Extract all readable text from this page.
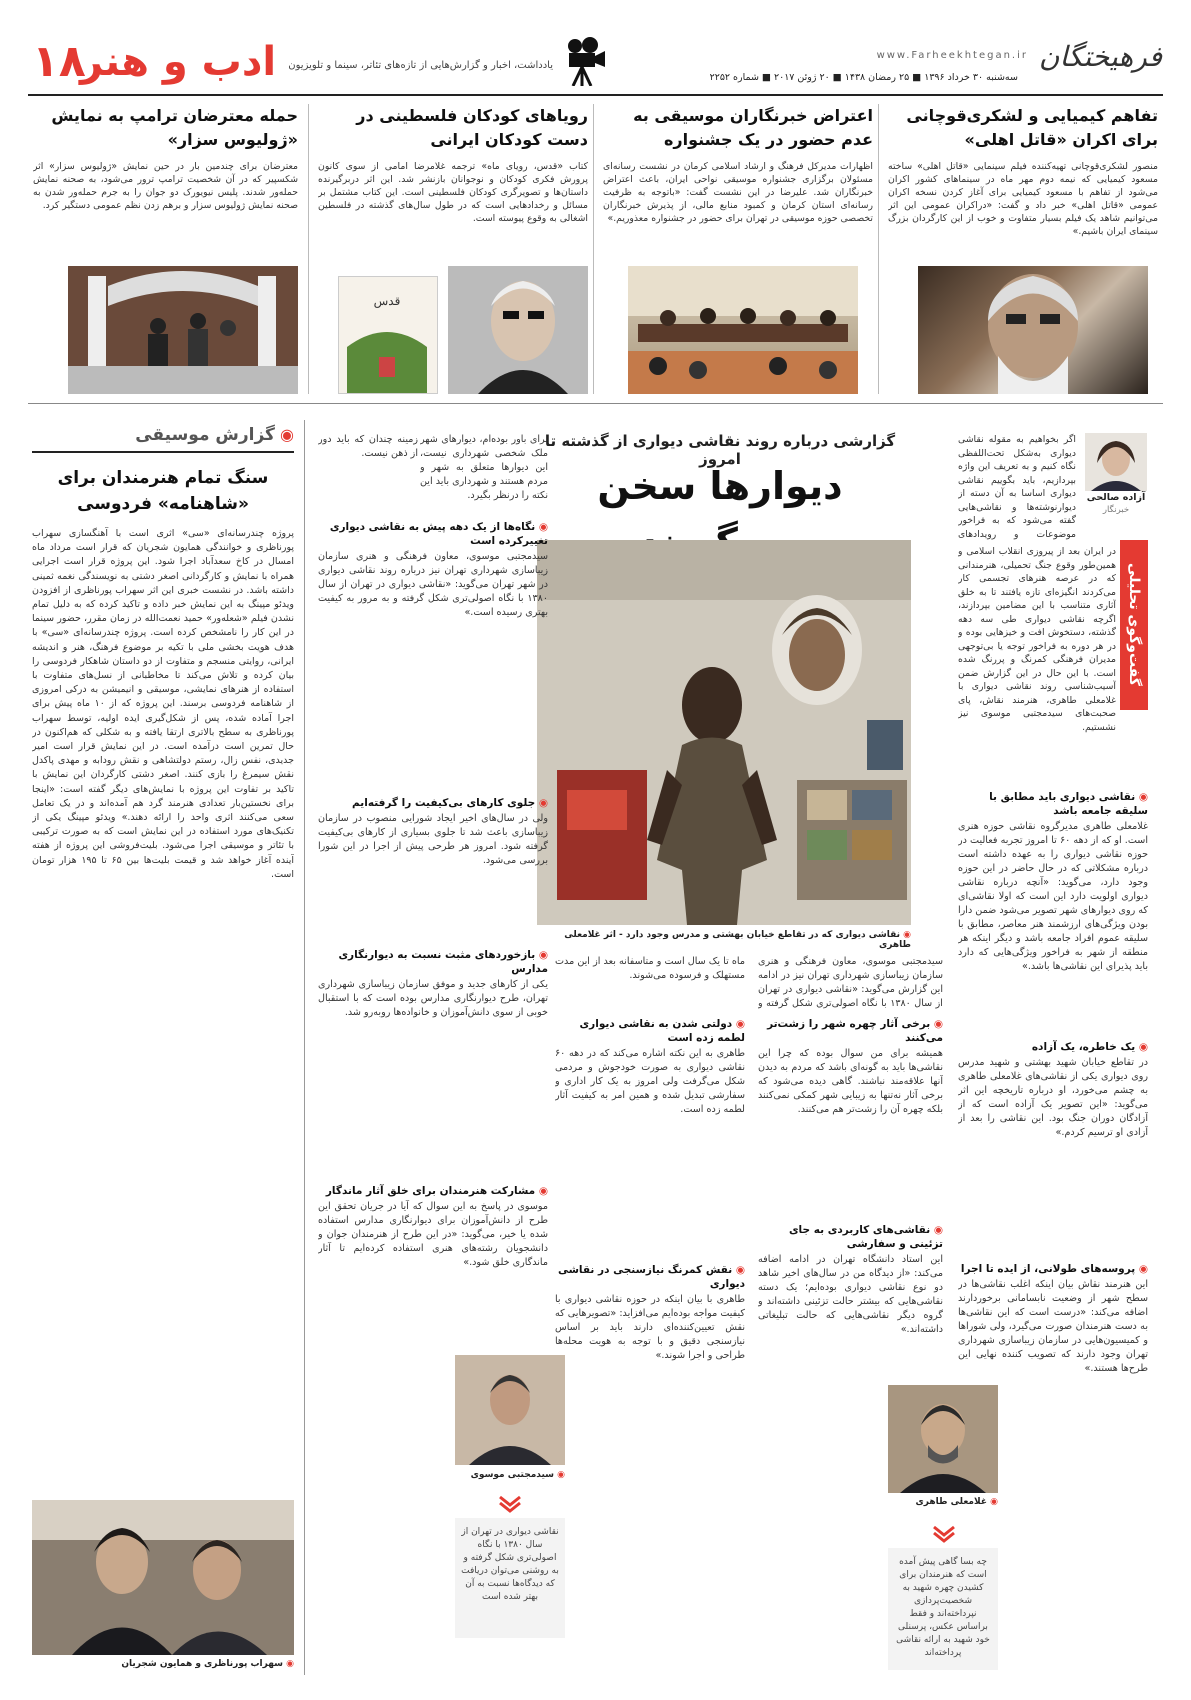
۱۸
ادب و هنر	یادداشت، اخبار و گزارش‌هایی از تازه‌های تئاتر، سینما و تلویزیون
سه‌شنبه ۳۰ خرداد ۱۳۹۶ ■ ۲۵ رمضان ۱۴۳۸ ■ ۲۰ ژوئن ۲۰۱۷ ■ شماره ۲۲۵۲
www.Farheekhtegan.ir فرهیختگان
تفاهم کیمیایی و لشکری‌قوچانی برای اکران «قاتل اهلی»
منصور لشکری‌قوچانی تهیه‌کننده فیلم سینمایی «قاتل اهلی» ساخته مسعود کیمیایی که نیمه دوم مهر ماه در سینماهای کشور اکران می‌شود از تفاهم با مسعود کیمیایی برای آغاز کردن نسخه اکران عمومی «قاتل اهلی» خبر داد و گفت: «دراکران عمومی این اثر می‌توانیم شاهد یک فیلم بسیار متفاوت و خوب از این کارگردان بزرگ سینمای ایران باشیم.»
اعتراض خبرنگاران موسیقی به عدم حضور در یک جشنواره
اظهارات مدیرکل فرهنگ و ارشاد اسلامی کرمان در نشست رسانه‌ای مسئولان برگزاری جشنواره موسیقی نواحی ایران، باعث اعتراض خبرنگاران شد. علیرضا در این نشست گفت: «باتوجه به ظرفیت رسانه‌ای استان کرمان و کمبود منابع مالی، از پذیرش خبرنگاران تخصصی حوزه موسیقی در تهران برای حضور در جشنواره معذوریم.»
رویاهای کودکان فلسطینی در دست کودکان ایرانی
کتاب «قدس، رویای ماه» ترجمه غلامرضا امامی از سوی کانون پرورش فکری کودکان و نوجوانان بازنشر شد. این اثر دربرگیرنده داستان‌ها و تصویرگری کودکان فلسطینی است. این کتاب مشتمل بر مسائل و رخدادهایی است که در طول سال‌های گذشته در فلسطین اشغالی به وقوع پیوسته است.
قدس
حمله معترضان ترامپ به نمایش «ژولیوس سزار»
معترضان برای چندمین بار در حین نمایش «ژولیوس سزار» اثر شکسپیر که در آن شخصیت ترامپ ترور می‌شود، به صحنه نمایش حمله‌ور شدند. پلیس نیویورک دو جوان را به جرم حمله‌ور شدن به صحنه نمایش ژولیوس سزار و برهم زدن نظم عمومی دستگیر کرد.
گزارشی درباره روند نقاشی دیواری از گذشته تا امروز
دیوارها سخن
◉ نقاشی دیواری که در تقاطع خیابان بهشتی و مدرس وجود دارد - اثر غلامعلی طاهری
گفت‌وگوی تحلیلی
آزاده صالحی
خبرنگار
اگر بخواهیم به مقوله نقاشی دیواری به‌شکل تحت‌اللفظی نگاه کنیم و به تعریف این واژه بپردازیم، باید بگوییم نقاشی دیواری اساسا به آن دسته از دیوارنوشته‌ها و نقاشی‌هایی گفته می‌شود که به فراخور موضوعات و رویدادهای
در ایران بعد از پیروزی انقلاب اسلامی و همین‌طور وقوع جنگ تحمیلی، هنرمندانی که در عرصه هنرهای تجسمی کار می‌کردند انگیزه‌ای تازه یافتند تا به خلق آثاری متناسب با این مضامین بپردازند، اگرچه نقاشی دیواری طی سه دهه گذشته، دستخوش افت و خیزهایی بوده و در هر دوره به فراخور توجه یا بی‌توجهی مدیران فرهنگی کمرنگ و پررنگ شده است. با این حال در این گزارش ضمن آسیب‌شناسی روند نقاشی دیواری با غلامعلی طاهری، هنرمند نقاش، پای صحبت‌های سیدمجتبی موسوی نیز نشستیم.
◉ نقاشی دیواری باید مطابق با سلیقه جامعه باشد
غلامعلی طاهری مدیرگروه نقاشی حوزه هنری است. او که از دهه ۶۰ تا امروز تجربه فعالیت در حوزه نقاشی دیواری را به عهده داشته است درباره مشکلاتی که در حال حاضر در این حوزه وجود دارد، می‌گوید: «آنچه درباره نقاشی دیواری اولویت دارد این است که اولا نقاشی‌ای که روی دیوارهای شهر تصویر می‌شود ضمن دارا بودن ویژگی‌های ارزشمند هنر معاصر، مطابق با سلیقه عموم افراد جامعه باشد و دیگر اینکه هر منطقه از شهر به فراخور ویژگی‌هایی که دارد باید پذیرای این نقاشی‌ها باشد.»
◉ یک خاطره، یک آزاده
در تقاطع خیابان شهید بهشتی و شهید مدرس روی دیواری یکی از نقاشی‌های غلامعلی طاهری به چشم می‌خورد، او درباره تاریخچه این اثر می‌گوید: «این تصویر یک آزاده است که از آزادگان دوران جنگ بود. این نقاشی را بعد از آزادی او ترسیم کردم.»
◉ پروسه‌های طولانی، از ایده تا اجرا
این هنرمند نقاش بیان اینکه اغلب نقاشی‌ها در سطح شهر از وضعیت نابسامانی برخوردارند اضافه می‌کند: «درست است که این نقاشی‌ها به دست هنرمندان صورت می‌گیرد، ولی شوراها و کمیسیون‌هایی در سازمان زیباسازی شهرداری تهران وجود دارند که تصویب کننده نهایی این طرح‌ها هستند.»
◉ غلامعلی طاهری
چه بسا گاهی پیش آمده است که هنرمندان برای کشیدن چهره شهید به شخصیت‌پردازی نپرداخته‌اند و فقط براساس عکس، پرسنلی خود شهید به ارائه نقاشی پرداخته‌اند
سیدمجتبی موسوی، معاون فرهنگی و هنری سازمان زیباسازی شهرداری تهران نیز در ادامه این گزارش می‌گوید: «نقاشی دیواری در تهران از سال ۱۳۸۰ با نگاه اصولی‌تری شکل گرفته و
◉ برخی آثار چهره شهر را زشت‌تر می‌کنند
همیشه برای من سوال بوده که چرا این نقاشی‌ها باید به گونه‌ای باشد که مردم به دیدن آنها علاقه‌مند نباشند. گاهی دیده می‌شود که برخی آثار نه‌تنها به زیبایی شهر کمکی نمی‌کنند بلکه چهره آن را زشت‌تر هم می‌کنند.
◉ نقاشی‌های کاربردی به جای تزئینی و سفارشی
این استاد دانشگاه تهران در ادامه اضافه می‌کند: «از دیدگاه من در سال‌های اخیر شاهد دو نوع نقاشی دیواری بوده‌ایم؛ یک دسته نقاشی‌هایی که بیشتر حالت تزئینی داشته‌اند و گروه دیگر نقاشی‌هایی که حالت تبلیغاتی داشته‌اند.»
ماه تا یک سال است و متاسفانه بعد از این مدت مستهلک و فرسوده می‌شوند.
◉ دولتی شدن به نقاشی دیواری لطمه زده است
طاهری به این نکته اشاره می‌کند که در دهه ۶۰ نقاشی دیواری به صورت خودجوش و مردمی شکل می‌گرفت ولی امروز به یک کار اداری و سفارشی تبدیل شده و همین امر به کیفیت آثار لطمه زده است.
◉ نقش کمرنگ نیازسنجی در نقاشی دیواری
طاهری با بیان اینکه در حوزه نقاشی دیواری با کیفیت مواجه بوده‌ایم می‌افزاید: «تصویرهایی که نقش تعیین‌کننده‌ای دارند باید بر اساس نیازسنجی دقیق و با توجه به هویت محله‌ها طراحی و اجرا شوند.»
برای باور بوده‌ام، دیوارهای شهر ملک شخصی شهرداری نیست، این دیوارها متعلق به شهر و مردم هستند و شهرداری باید این نکته را درنظر بگیرد.
زمینه چندان که باید دور از ذهن نیست.
◉ نگاه‌ها از یک دهه پیش به نقاشی دیواری تغییرکرده است
سیدمجتبی موسوی، معاون فرهنگی و هنری سازمان زیباسازی شهرداری تهران نیز درباره روند نقاشی دیواری در شهر تهران می‌گوید: «نقاشی دیواری در تهران از سال ۱۳۸۰ با نگاه اصولی‌تری شکل گرفته و به مرور به کیفیت بهتری رسیده است.»
◉ جلوی کارهای بی‌کیفیت را گرفته‌ایم
ولی در سال‌های اخیر ایجاد شورایی منصوب در سازمان زیباسازی باعث شد تا جلوی بسیاری از کارهای بی‌کیفیت گرفته شود. امروز هر طرحی پیش از اجرا در این شورا بررسی می‌شود.
◉ بازخوردهای مثبت نسبت به دیوارنگاری مدارس
یکی از کارهای جدید و موفق سازمان زیباسازی شهرداری تهران، طرح دیوارنگاری مدارس بوده است که با استقبال خوبی از سوی دانش‌آموزان و خانواده‌ها روبه‌رو شد.
◉ مشارکت هنرمندان برای خلق آثار ماندگار
موسوی در پاسخ به این سوال که آیا در جریان تحقق این طرح از دانش‌آموزان برای دیوارنگاری مدارس استفاده شده یا خیر، می‌گوید: «در این طرح از هنرمندان جوان و دانشجویان رشته‌های هنری استفاده کرده‌ایم تا آثار ماندگاری خلق شود.»
◉ سیدمجتبی موسوی
نقاشی دیواری در تهران از سال ۱۳۸۰ با نگاه اصولی‌تری شکل گرفته و به روشنی می‌توان دریافت که دیدگاه‌ها نسبت به آن بهتر شده است
◉ گزارش موسیقی
سنگ تمام هنرمندان برای «شاهنامه» فردوسی
پروژه چندرسانه‌ای «سی» اثری است با آهنگسازی سهراب پورناظری و خوانندگی همایون شجریان که قرار است مرداد ماه امسال در کاخ سعدآباد اجرا شود. این پروژه قرار است اجرایی همراه با نمایش و کارگردانی اصغر دشتی به نویسندگی نغمه ثمینی داشته باشد. در نشست خبری این اثر سهراب پورناظری از افزودن ویدئو مپینگ به این نمایش خبر داده و تاکید کرده که به دلیل تمام نشدن فیلم «شعله‌ور» حمید نعمت‌الله در زمان مقرر، حضور سینما در این کار را نامشخص کرده است. پروژه چندرسانه‌ای «سی» با هدف هویت بخشی ملی با تکیه بر موضوع فرهنگ، هنر و اندیشه ایرانی، روایتی منسجم و متفاوت از دو داستان شاهکار فردوسی را بیان کرده و تلاش می‌کند تا مخاطبانی از نسل‌های متفاوت با استفاده از هنرهای نمایشی، موسیقی و انیمیشن به درکی امروزی از شاهنامه فردوسی برسند. این پروژه که از ۱۰ ماه پیش برای اجرا آماده شده، پس از شکل‌گیری ایده اولیه، توسط سهراب پورناظری به سطح بالاتری ارتقا یافته و به شکلی که هم‌اکنون در حال تمرین است درآمده است. در این نمایش قرار است امیر جدیدی، نفس زال، رستم دولتشاهی و نقش رودابه و مهدی پاکدل نقش سیمرغ را بازی کنند. اصغر دشتی کارگردان این نمایش با تاکید بر تفاوت این پروژه با نمایش‌های دیگر گفته است: «اینجا برای نخستین‌بار تعدادی هنرمند گرد هم آمده‌اند و در یک تعامل سعی می‌کنند اثری واحد را ارائه دهند.» ویدئو مپینگ یکی از تکنیک‌های مورد استفاده در این نمایش است که به صورت ترکیبی با تئاتر و موسیقی اجرا می‌شود. بلیت‌فروشی این پروژه از هفته آینده آغاز خواهد شد و قیمت بلیت‌ها بین ۶۵ تا ۱۹۵ هزار تومان است.
◉ سهراب پورناظری و همایون شجریان
